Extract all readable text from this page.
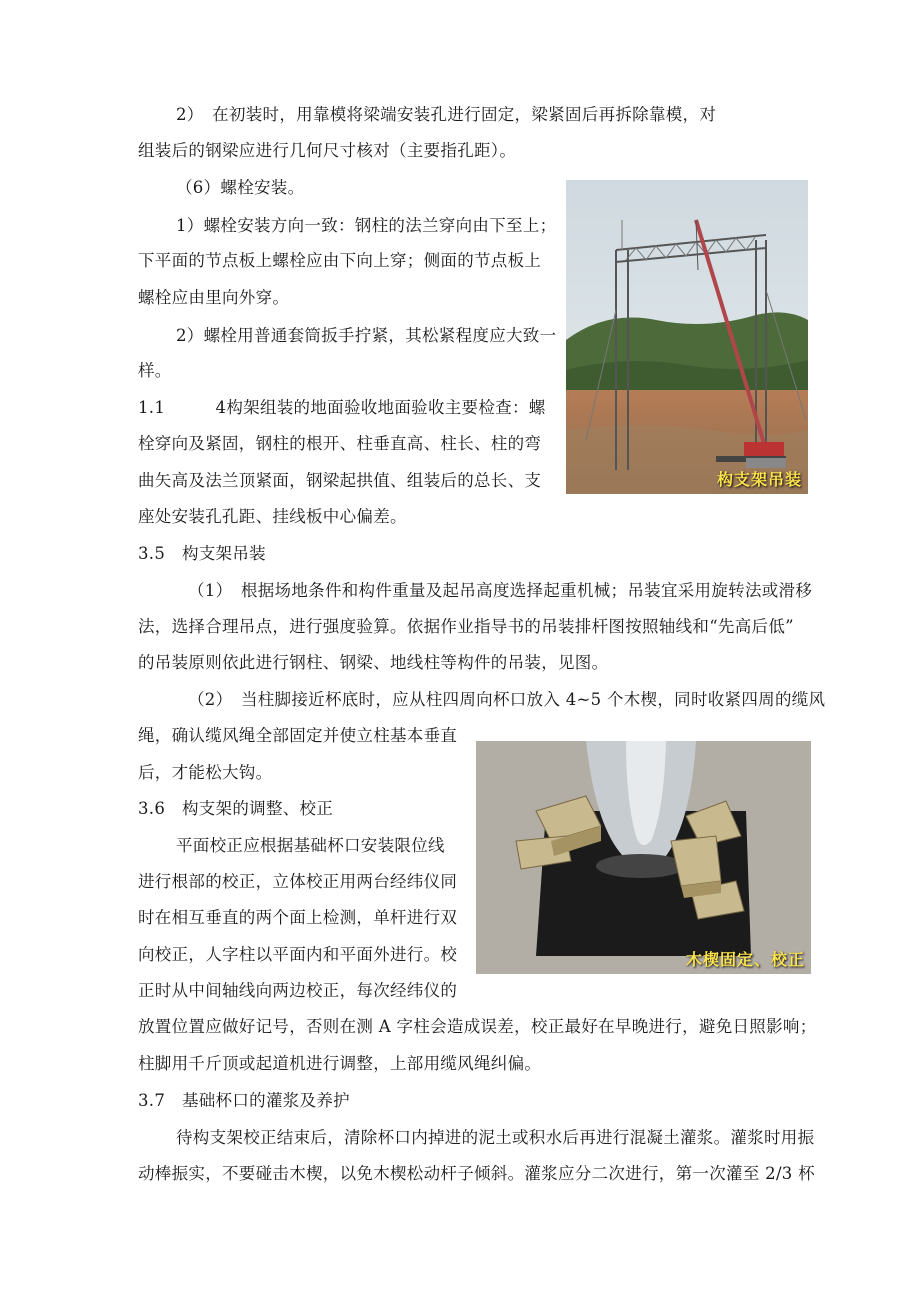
2）　在初装时，用靠模将梁端安装孔进行固定，梁紧固后再拆除靠模，对
组装后的钢梁应进行几何尺寸核对（主要指孔距）。
（6）螺栓安装。
1）螺栓安装方向一致：钢柱的法兰穿向由下至上；
下平面的节点板上螺栓应由下向上穿；侧面的节点板上
螺栓应由里向外穿。
2）螺栓用普通套筒扳手拧紧，其松紧程度应大致一
样。
1.1　　　4构架组装的地面验收地面验收主要检查：螺
栓穿向及紧固，钢柱的根开、柱垂直高、柱长、柱的弯
曲矢高及法兰顶紧面，钢梁起拱值、组装后的总长、支
座处安装孔孔距、挂线板中心偏差。
3.5　构支架吊装
（1）　根据场地条件和构件重量及起吊高度选择起重机械；吊装宜采用旋转法或滑移
法，选择合理吊点，进行强度验算。依据作业指导书的吊装排杆图按照轴线和“先高后低”
的吊装原则依此进行钢柱、钢梁、地线柱等构件的吊装，见图。
（2）　当柱脚接近杯底时，应从柱四周向杯口放入 4~5 个木楔，同时收紧四周的缆风
绳，确认缆风绳全部固定并使立柱基本垂直
后，才能松大钩。
3.6　构支架的调整、校正
平面校正应根据基础杯口安装限位线
进行根部的校正，立体校正用两台经纬仪同
时在相互垂直的两个面上检测，单杆进行双
向校正，人字柱以平面内和平面外进行。校
正时从中间轴线向两边校正，每次经纬仪的
放置位置应做好记号，否则在测 A 字柱会造成误差，校正最好在早晚进行，避免日照影响；
柱脚用千斤顶或起道机进行调整，上部用缆风绳纠偏。
3.7　基础杯口的灌浆及养护
待构支架校正结束后，清除杯口内掉进的泥土或积水后再进行混凝土灌浆。灌浆时用振
动棒振实，不要碰击木楔，以免木楔松动杆子倾斜。灌浆应分二次进行，第一次灌至 2/3 杯
构支架吊装
木楔固定、校正
